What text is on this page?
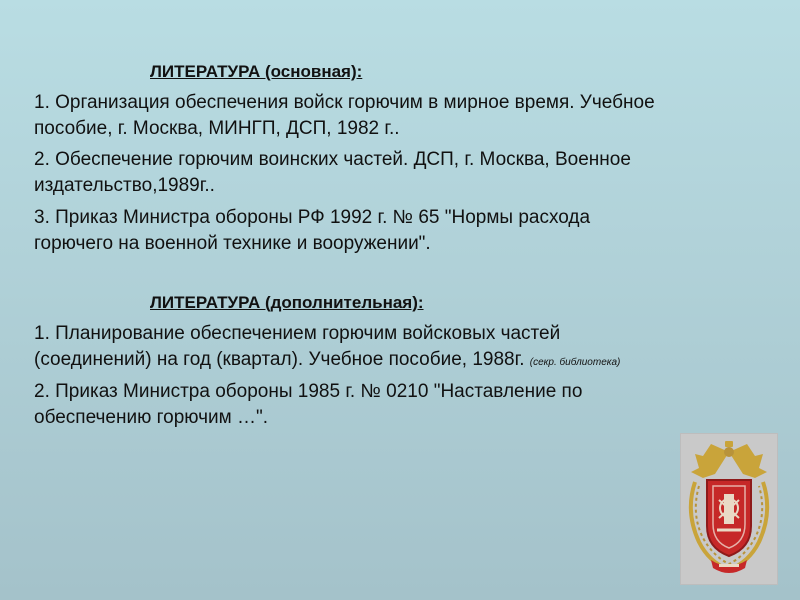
ЛИТЕРАТУРА (основная):
1. Организация обеспечения войск горючим в мирное время. Учебное
пособие, г. Москва, МИНГП, ДСП, 1982 г..
2. Обеспечение горючим воинских частей. ДСП, г. Москва, Военное
издательство,1989г..
3. Приказ Министра обороны РФ 1992 г. № 65 "Нормы расхода
горючего на военной технике и вооружении".
ЛИТЕРАТУРА (дополнительная):
1. Планирование обеспечением горючим войсковых частей
(соединений) на год (квартал). Учебное пособие, 1988г. (секр. библиотека)
2. Приказ Министра обороны 1985 г. № 0210 "Наставление по
обеспечению горючим …".
